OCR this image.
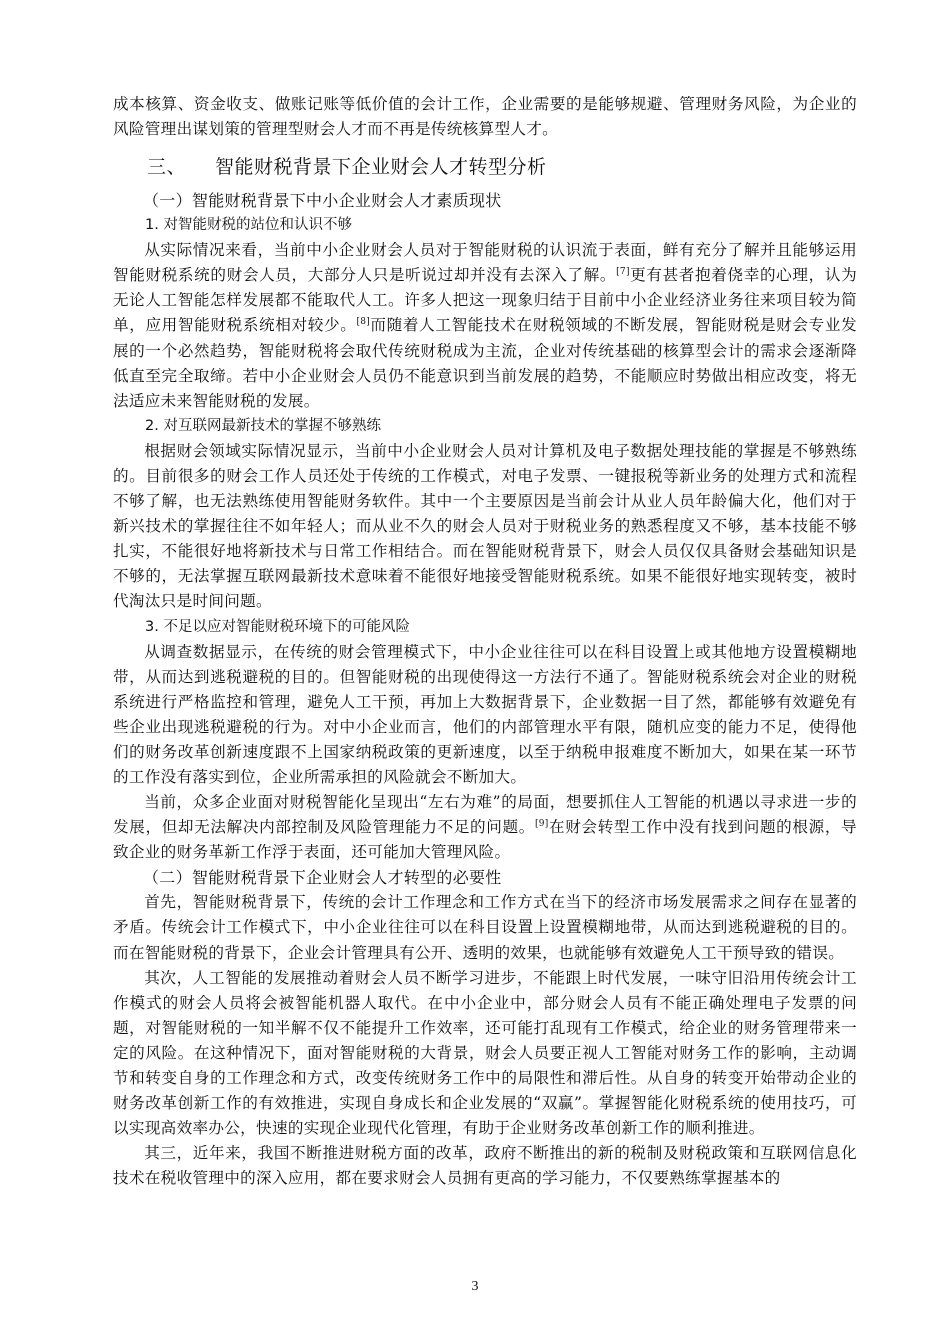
成本核算、资金收支、做账记账等低价值的会计工作，企业需要的是能够规避、管理财务风险，为企业的风险管理出谋划策的管理型财会人才而不再是传统核算型人才。

三、 智能财税背景下企业财会人才转型分析
（一）智能财税背景下中小企业财会人才素质现状
1. 对智能财税的站位和认识不够

从实际情况来看，当前中小企业财会人员对于智能财税的认识流于表面，鲜有充分了解并且能够运用智能财税系统的财会人员，大部分人只是听说过却并没有去深入了解。[7]更有甚者抱着侥幸的心理，认为无论人工智能怎样发展都不能取代人工。许多人把这一现象归结于目前中小企业经济业务往来项目较为简单，应用智能财税系统相对较少。[8]而随着人工智能技术在财税领域的不断发展，智能财税是财会专业发展的一个必然趋势，智能财税将会取代传统财税成为主流，企业对传统基础的核算型会计的需求会逐渐降低直至完全取缔。若中小企业财会人员仍不能意识到当前发展的趋势，不能顺应时势做出相应改变，将无法适应未来智能财税的发展。

2. 对互联网最新技术的掌握不够熟练

根据财会领域实际情况显示，当前中小企业财会人员对计算机及电子数据处理技能的掌握是不够熟练的。目前很多的财会工作人员还处于传统的工作模式，对电子发票、一键报税等新业务的处理方式和流程不够了解，也无法熟练使用智能财务软件。其中一个主要原因是当前会计从业人员年龄偏大化，他们对于新兴技术的掌握往往不如年轻人；而从业不久的财会人员对于财税业务的熟悉程度又不够，基本技能不够扎实，不能很好地将新技术与日常工作相结合。而在智能财税背景下，财会人员仅仅具备财会基础知识是不够的，无法掌握互联网最新技术意味着不能很好地接受智能财税系统。如果不能很好地实现转变，被时代淘汰只是时间问题。

3. 不足以应对智能财税环境下的可能风险

从调查数据显示，在传统的财会管理模式下，中小企业往往可以在科目设置上或其他地方设置模糊地带，从而达到逃税避税的目的。但智能财税的出现使得这一方法行不通了。智能财税系统会对企业的财税系统进行严格监控和管理，避免人工干预，再加上大数据背景下，企业数据一目了然，都能够有效避免有些企业出现逃税避税的行为。对中小企业而言，他们的内部管理水平有限，随机应变的能力不足，使得他们的财务改革创新速度跟不上国家纳税政策的更新速度，以至于纳税申报难度不断加大，如果在某一环节的工作没有落实到位，企业所需承担的风险就会不断加大。

当前，众多企业面对财税智能化呈现出“左右为难”的局面，想要抓住人工智能的机遇以寻求进一步的发展，但却无法解决内部控制及风险管理能力不足的问题。[9]在财会转型工作中没有找到问题的根源，导致企业的财务革新工作浮于表面，还可能加大管理风险。

（二）智能财税背景下企业财会人才转型的必要性

首先，智能财税背景下，传统的会计工作理念和工作方式在当下的经济市场发展需求之间存在显著的矛盾。传统会计工作模式下，中小企业往往可以在科目设置上设置模糊地带，从而达到逃税避税的目的。而在智能财税的背景下，企业会计管理具有公开、透明的效果，也就能够有效避免人工干预导致的错误。

其次，人工智能的发展推动着财会人员不断学习进步，不能跟上时代发展，一味守旧沿用传统会计工作模式的财会人员将会被智能机器人取代。在中小企业中，部分财会人员有不能正确处理电子发票的问题，对智能财税的一知半解不仅不能提升工作效率，还可能打乱现有工作模式，给企业的财务管理带来一定的风险。在这种情况下，面对智能财税的大背景，财会人员要正视人工智能对财务工作的影响，主动调节和转变自身的工作理念和方式，改变传统财务工作中的局限性和滞后性。从自身的转变开始带动企业的财务改革创新工作的有效推进，实现自身成长和企业发展的“双赢”。掌握智能化财税系统的使用技巧，可以实现高效率办公，快速的实现企业现代化管理，有助于企业财务改革创新工作的顺利推进。

其三，近年来，我国不断推进财税方面的改革，政府不断推出的新的税制及财税政策和互联网信息化技术在税收管理中的深入应用，都在要求财会人员拥有更高的学习能力，不仅要熟练掌握基本的

3
